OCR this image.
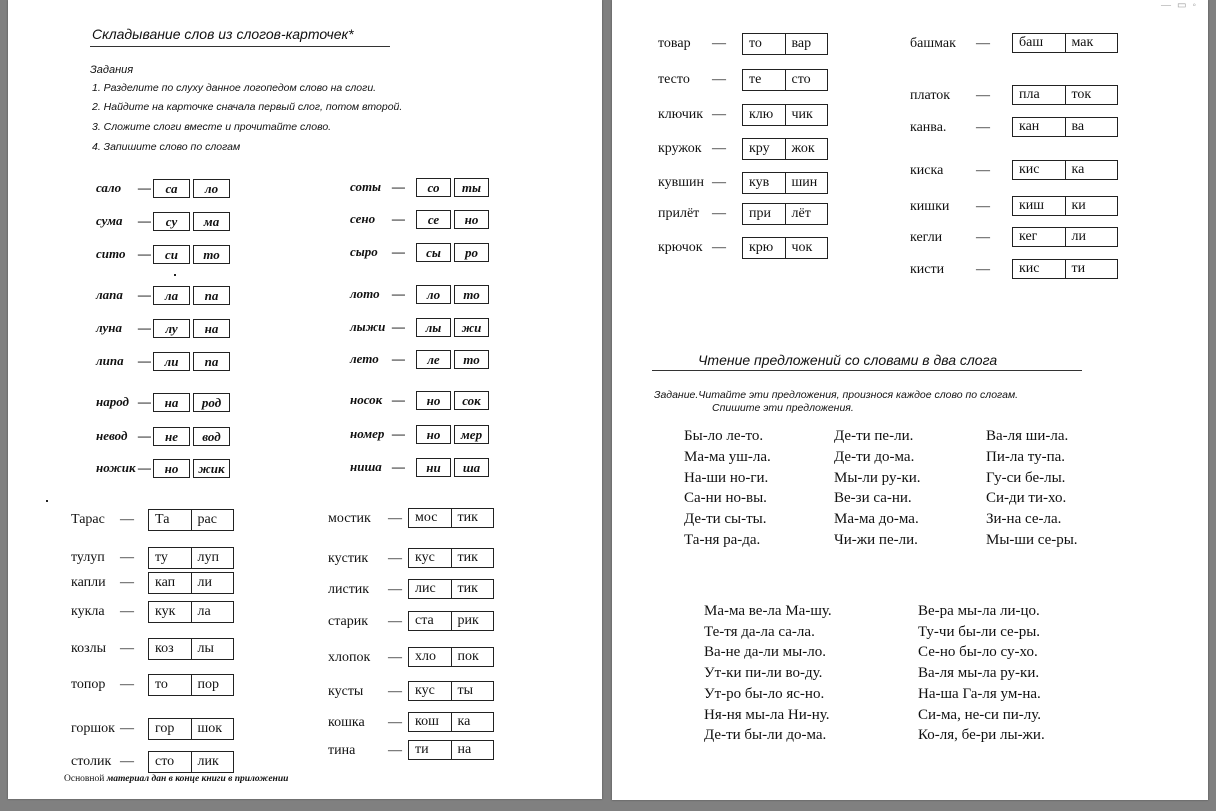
Складывание слов из слогов-карточек*
Задания
1. Разделите по слуху данное логопедом слово на слоги.
2. Найдите на карточке сначала первый слог, потом второй.
3. Сложите слоги вместе и прочитайте слово.
4. Запишите слово по слогам
сало —	са	ло
сума —	су	ма
сито —	си	то
лапа —	ла	па
луна —	лу	на
липа —	ли	па
народ —	на	род
невод —	не	вод
ножик —	но	жик
соты —	со	ты
сено —	се	но
сыро —	сы	ро
лото —	ло	то
лыжи —	лы	жи
лето —	ле	то
носок —	но	сок
номер —	но	мер
ниша —	ни	ша
Тарас —	Та	рас
тулуп —	ту	луп
капли —	кап	ли
кукла —	кук	ла
козлы —	коз	лы
топор —	то	пор
горшок —	гор	шок
столик —	сто	лик
мостик — мос	тик
кустик — кус	тик
листик — лис	тик
старик — ста	рик
хлопок — хло	пок
кусты — кус	ты
кошка — кош	ка
тина — ти	на
Основной материал дан в конце книги в приложении
—▭◦
товар —	то	вар
тесто —	те	сто
ключик —	клю	чик
кружок —	кру	жок
кувшин —	кув	шин
прилёт —	при	лёт
крючок —	крю	чок
башмак —	баш	мак
платок —	пла	ток
канва. —	кан	ва
киска —	кис	ка
кишки —	киш	ки
кегли —	кег	ли
кисти —	кис	ти
Чтение предложений со словами в два слога
Задание.Читайте эти предложения, произнося каждое слово по слогам.
Спишите эти предложения.
Бы-ло ле-то.
Ма-ма уш-ла.
На-ши но-ги.
Са-ни но-вы.
Де-ти сы-ты.
Та-ня ра-да.
Де-ти пе-ли.
Де-ти до-ма.
Мы-ли ру-ки.
Ве-зи са-ни.
Ма-ма до-ма.
Чи-жи пе-ли.
Ва-ля ши-ла.
Пи-ла ту-па.
Гу-си бе-лы.
Си-ди ти-хо.
Зи-на се-ла.
Мы-ши се-ры.
Ма-ма ве-ла Ма-шу.
Те-тя да-ла са-ла.
Ва-не да-ли мы-ло.
Ут-ки пи-ли во-ду.
Ут-ро бы-ло яс-но.
Ня-ня мы-ла Ни-ну.
Де-ти бы-ли до-ма.
Ве-ра мы-ла ли-цо.
Ту-чи бы-ли се-ры.
Се-но бы-ло су-хо.
Ва-ля мы-ла ру-ки.
На-ша Га-ля ум-на.
Си-ма, не-си пи-лу.
Ко-ля, бе-ри лы-жи.
